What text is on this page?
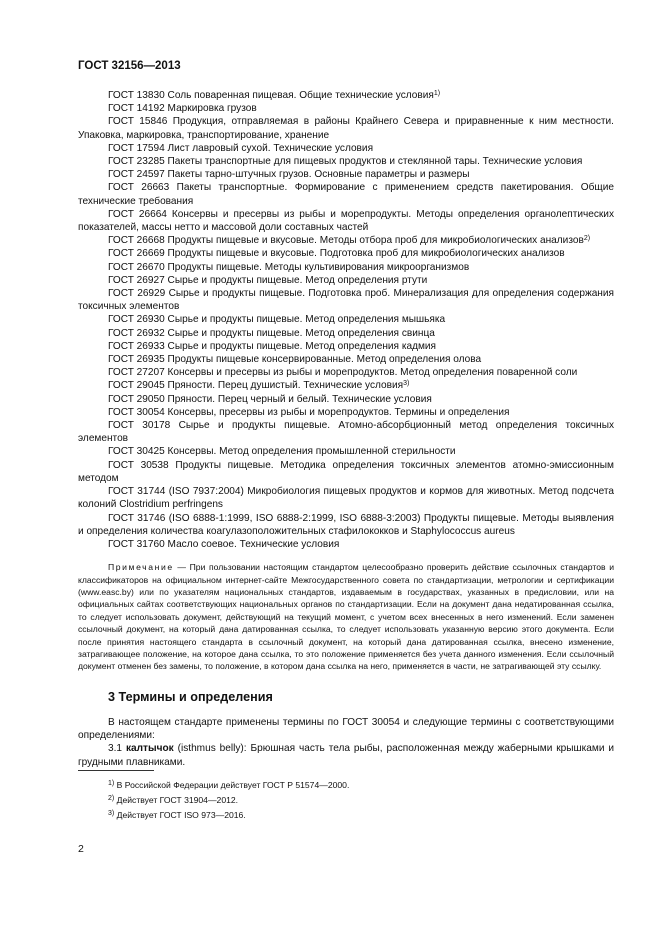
ГОСТ 32156—2013

ГОСТ 13830 Соль поваренная пищевая. Общие технические условия$^{1)}$

ГОСТ 14192 Маркировка грузов

ГОСТ 15846 Продукция, отправляемая в районы Крайнего Севера и приравненные к ним местности. Упаковка, маркировка, транспортирование, хранение

ГОСТ 17594 Лист лавровый сухой. Технические условия

ГОСТ 23285 Пакеты транспортные для пищевых продуктов и стеклянной тары. Технические условия

ГОСТ 24597 Пакеты тарно-штучных грузов. Основные параметры и размеры

ГОСТ 26663 Пакеты транспортные. Формирование с применением средств пакетирования. Общие технические требования

ГОСТ 26664 Консервы и пресервы из рыбы и морепродукты. Методы определения органолептических показателей, массы нетто и массовой доли составных частей

ГОСТ 26668 Продукты пищевые и вкусовые. Методы отбора проб для микробиологических анализов$^{2)}$

ГОСТ 26669 Продукты пищевые и вкусовые. Подготовка проб для микробиологических анализов

ГОСТ 26670 Продукты пищевые. Методы культивирования микроорганизмов

ГОСТ 26927 Сырье и продукты пищевые. Метод определения ртути

ГОСТ 26929 Сырье и продукты пищевые. Подготовка проб. Минерализация для определения содержания токсичных элементов

ГОСТ 26930 Сырье и продукты пищевые. Метод определения мышьяка

ГОСТ 26932 Сырье и продукты пищевые. Метод определения свинца

ГОСТ 26933 Сырье и продукты пищевые. Метод определения кадмия

ГОСТ 26935 Продукты пищевые консервированные. Метод определения олова

ГОСТ 27207 Консервы и пресервы из рыбы и морепродуктов. Метод определения поваренной соли

ГОСТ 29045 Пряности. Перец душистый. Технические условия$^{3)}$

ГОСТ 29050 Пряности. Перец черный и белый. Технические условия

ГОСТ 30054 Консервы, пресервы из рыбы и морепродуктов. Термины и определения

ГОСТ 30178 Сырье и продукты пищевые. Атомно-абсорбционный метод определения токсичных элементов

ГОСТ 30425 Консервы. Метод определения промышленной стерильности

ГОСТ 30538 Продукты пищевые. Методика определения токсичных элементов атомно-эмиссионным методом

ГОСТ 31744 (ISO 7937:2004) Микробиология пищевых продуктов и кормов для животных. Метод подсчета колоний Clostridium perfringens

ГОСТ 31746 (ISO 6888-1:1999, ISO 6888-2:1999, ISO 6888-3:2003) Продукты пищевые. Методы выявления и определения количества коагулазоположительных стафилококков и Staphylococcus aureus

ГОСТ 31760 Масло соевое. Технические условия

Примечание — При пользовании настоящим стандартом целесообразно проверить действие ссылочных стандартов и классификаторов на официальном интернет-сайте Межгосударственного совета по стандартизации, метрологии и сертификации (www.easc.by) или по указателям национальных стандартов, издаваемым в государствах, указанных в предисловии, или на официальных сайтах соответствующих национальных органов по стандартизации. Если на документ дана недатированная ссылка, то следует использовать документ, действующий на текущий момент, с учетом всех внесенных в него изменений. Если заменен ссылочный документ, на который дана датированная ссылка, то следует использовать указанную версию этого документа. Если после принятия настоящего стандарта в ссылочный документ, на который дана датированная ссылка, внесено изменение, затрагивающее положение, на которое дана ссылка, то это положение применяется без учета данного изменения. Если ссылочный документ отменен без замены, то положение, в котором дана ссылка на него, применяется в части, не затрагивающей эту ссылку.

3 Термины и определения

В настоящем стандарте применены термины по ГОСТ 30054 и следующие термины с соответствующими определениями:

3.1 калтычок (isthmus belly): Брюшная часть тела рыбы, расположенная между жаберными крышками и грудными плавниками.

$^{1)}$ В Российской Федерации действует ГОСТ Р 51574—2000.
$^{2)}$ Действует ГОСТ 31904—2012.
$^{3)}$ Действует ГОСТ ISO 973—2016.
2
